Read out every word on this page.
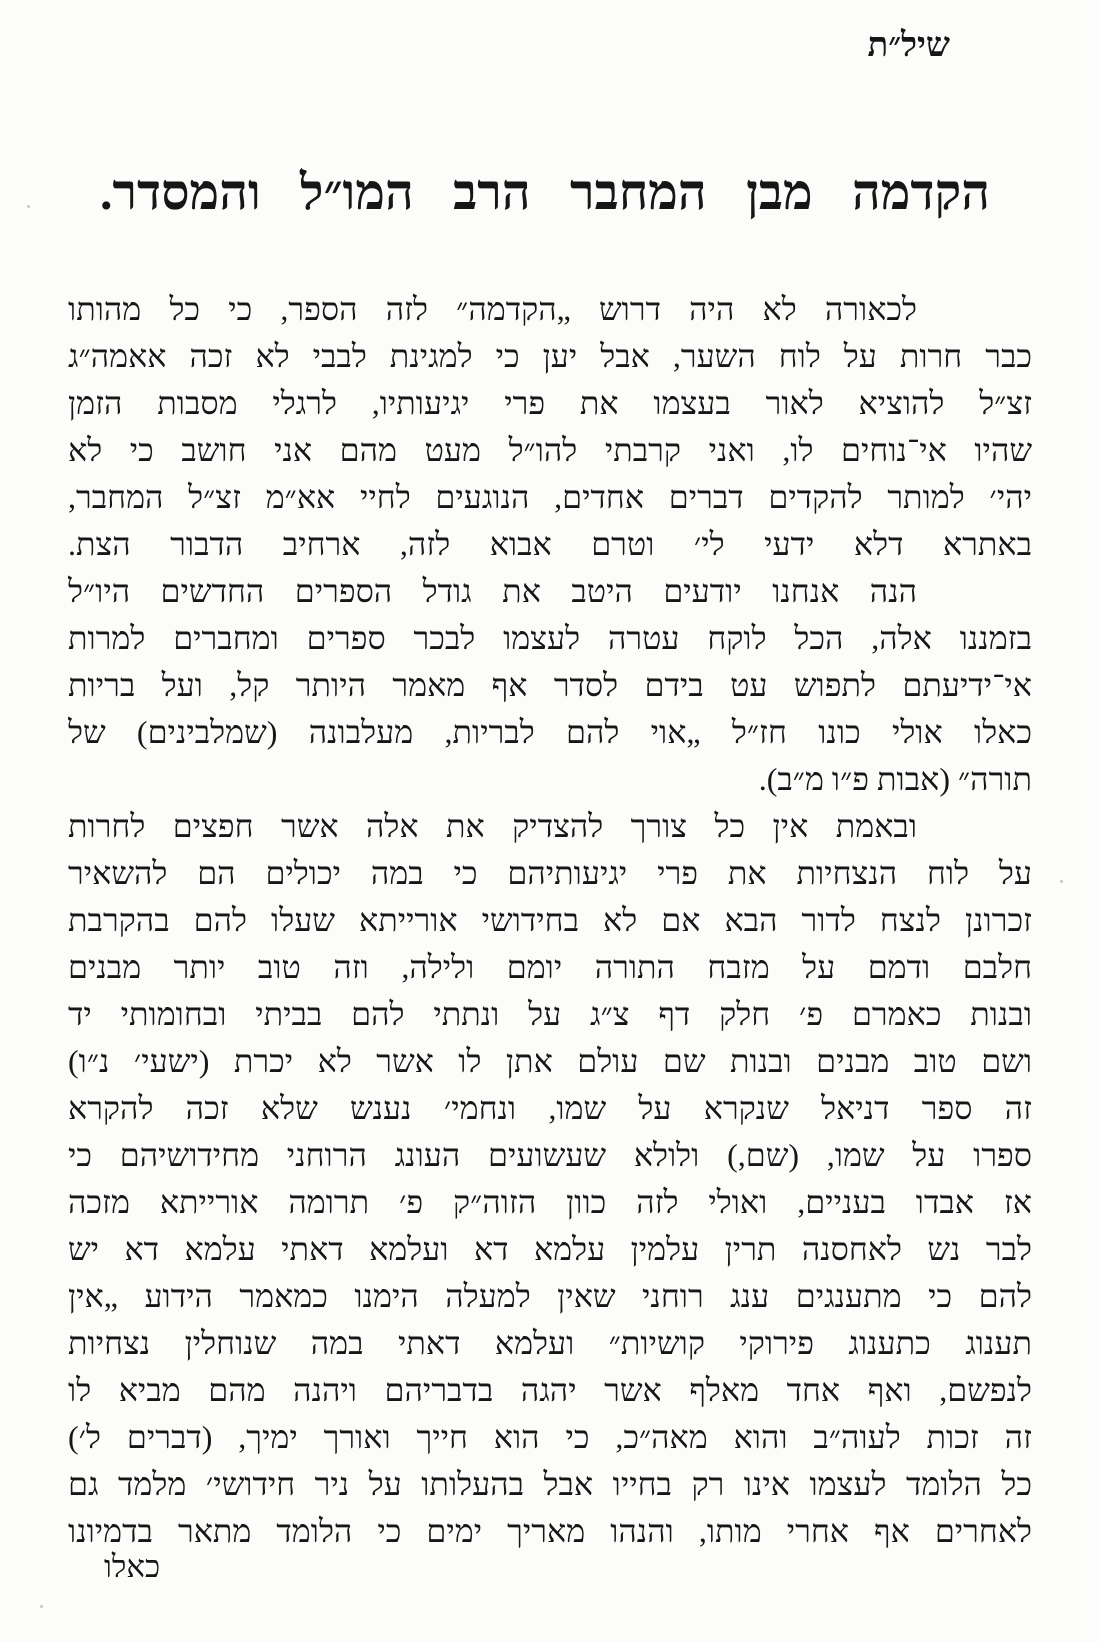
שיל״ת
הקדמה מבן המחבר הרב המו״ל והמסדר.
לכאורה לא היה דרוש „הקדמה״ לזה הספר, כי כל מהותו
כבר חרות על לוח השער, אבל יען כי למגינת לבבי לא זכה אאמה״ג
זצ״ל להוציא לאור בעצמו את פרי יגיעותיו, לרגלי מסבות הזמן
שהיו אי־נוחים לו, ואני קרבתי להו״ל מעט מהם אני חושב כי לא
יהי׳ למותר להקדים דברים אחדים, הנוגעים לחיי אא״מ זצ״ל המחבר,
באתרא דלא ידעי לי׳ וטרם אבוא לזה, ארחיב הדבור הצת.
הנה אנחנו יודעים היטב את גודל הספרים החדשים היו״ל
בזמננו אלה, הכל לוקח עטרה לעצמו לבכר ספרים ומחברים למרות
אי־ידיעתם לתפוש עט בידם לסדר אף מאמר היותר קל, ועל בריות
כאלו אולי כונו חז״ל „אוי להם לבריות, מעלבונה (שמלבינים) של
תורה״ (אבות פ״ו מ״ב).
ובאמת אין כל צורך להצדיק את אלה אשר חפצים לחרות
על לוח הנצחיות את פרי יגיעותיהם כי במה יכולים הם להשאיר
זכרונן לנצח לדור הבא אם לא בחידושי אורייתא שעלו להם בהקרבת
חלבם ודמם על מזבח התורה יומם ולילה, וזה טוב יותר מבנים
ובנות כאמרם פ׳ חלק דף צ״ג על ונתתי להם בביתי ובחומותי יד
ושם טוב מבנים ובנות שם עולם אתן לו אשר לא יכרת (ישעי׳ נ״ו)
זה ספר דניאל שנקרא על שמו, ונחמי׳ נענש שלא זכה להקרא
ספרו על שמו, (שם,) ולולא שעשועים העונג הרוחני מחידושיהם כי
אז אבדו בעניים, ואולי לזה כוון הזוה״ק פ׳ תרומה אורייתא מזכה
לבר נש לאחסנה תרין עלמין עלמא דא ועלמא דאתי עלמא דא יש
להם כי מתענגים ענג רוחני שאין למעלה הימנו כמאמר הידוע „אין
תענוג כתענוג פירוקי קושיות״ ועלמא דאתי במה שנוחלין נצחיות
לנפשם, ואף אחד מאלף אשר יהגה בדבריהם ויהנה מהם מביא לו
זה זכות לעוה״ב והוא מאה״כ, כי הוא חייך ואורך ימיך, (דברים ל׳)
כל הלומד לעצמו אינו רק בחייו אבל בהעלותו על ניר חידושי׳ מלמד גם
לאחרים אף אחרי מותו, והנהו מאריך ימים כי הלומד מתאר בדמיונו
כאלו
